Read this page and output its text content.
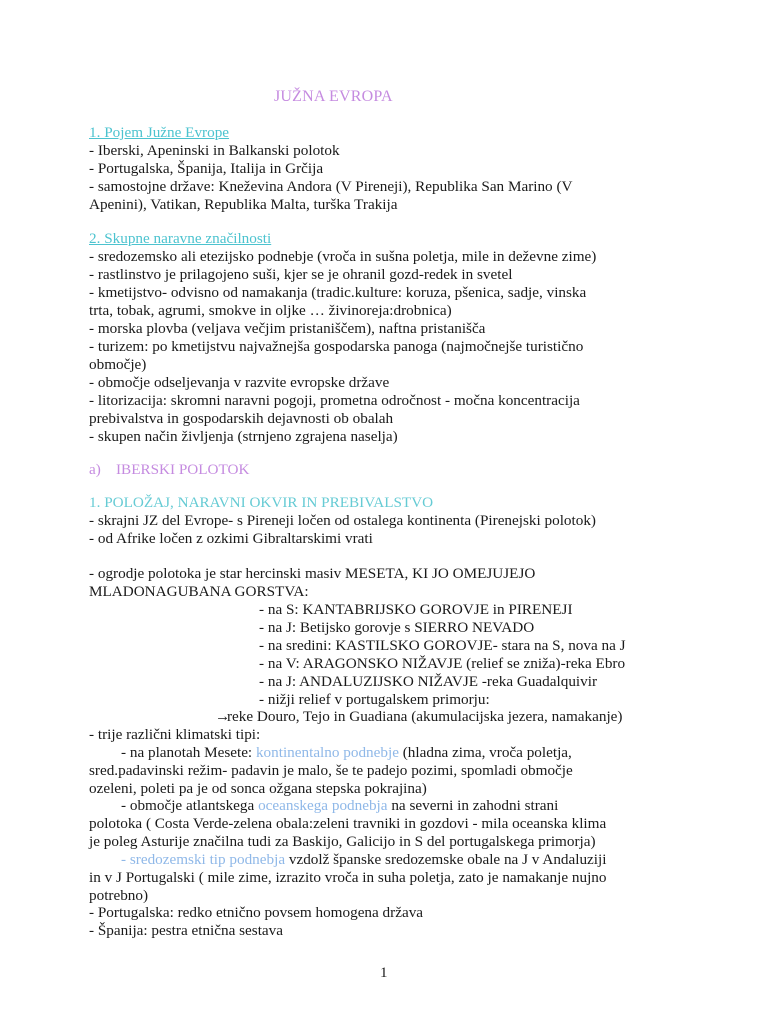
JUŽNA EVROPA
1. Pojem Južne Evrope
- Iberski, Apeninski in Balkanski polotok
- Portugalska, Španija, Italija in Grčija
- samostojne države: Kneževina Andora (V Pireneji), Republika San Marino (V
Apenini), Vatikan, Republika Malta, turška Trakija
2. Skupne naravne značilnosti
- sredozemsko ali etezijsko podnebje (vroča in sušna poletja, mile in deževne zime)
- rastlinstvo je prilagojeno suši, kjer se je ohranil gozd-redek in svetel
- kmetijstvo- odvisno od namakanja (tradic.kulture: koruza, pšenica, sadje, vinska
trta, tobak, agrumi, smokve in oljke … živinoreja:drobnica)
- morska plovba (veljava večjim pristaniščem), naftna pristanišča
- turizem: po kmetijstvu najvažnejša gospodarska panoga (najmočnejše turistično
območje)
- območje odseljevanja v razvite evropske države
- litorizacija: skromni naravni pogoji, prometna odročnost - močna koncentracija
prebivalstva in gospodarskih dejavnosti ob obalah
- skupen način življenja (strnjeno zgrajena naselja)
a) IBERSKI POLOTOK
1. POLOŽAJ, NARAVNI OKVIR IN PREBIVALSTVO
- skrajni JZ del Evrope- s Pireneji ločen od ostalega kontinenta (Pirenejski polotok)
- od Afrike ločen z ozkimi Gibraltarskimi vrati
- ogrodje polotoka je star hercinski masiv MESETA, KI JO OMEJUJEJO
MLADONAGUBANA GORSTVA:
- na S: KANTABRIJSKO GOROVJE in PIRENEJI
- na J: Betijsko gorovje s SIERRO NEVADO
- na sredini: KASTILSKO GOROVJE- stara na S, nova na J
- na V: ARAGONSKO NIŽAVJE (relief se zniža)-reka Ebro
- na J: ANDALUZIJSKO NIŽAVJE -reka Guadalquivir
- nižji relief v portugalskem primorju:
→
reke Douro, Tejo in Guadiana (akumulacijska jezera, namakanje)
- trije različni klimatski tipi:
- na planotah Mesete: kontinentalno podnebje (hladna zima, vroča poletja,
sred.padavinski režim- padavin je malo, še te padejo pozimi, spomladi območje
ozeleni, poleti pa je od sonca ožgana stepska pokrajina)
- območje atlantskega oceanskega podnebja na severni in zahodni strani
polotoka ( Costa Verde-zelena obala:zeleni travniki in gozdovi - mila oceanska klima
je poleg Asturije značilna tudi za Baskijo, Galicijo in S del portugalskega primorja)
- sredozemski tip podnebja vzdolž španske sredozemske obale na J v Andaluziji
in v J Portugalski ( mile zime, izrazito vroča in suha poletja, zato je namakanje nujno
potrebno)
- Portugalska: redko etnično povsem homogena država
- Španija: pestra etnična sestava
1
